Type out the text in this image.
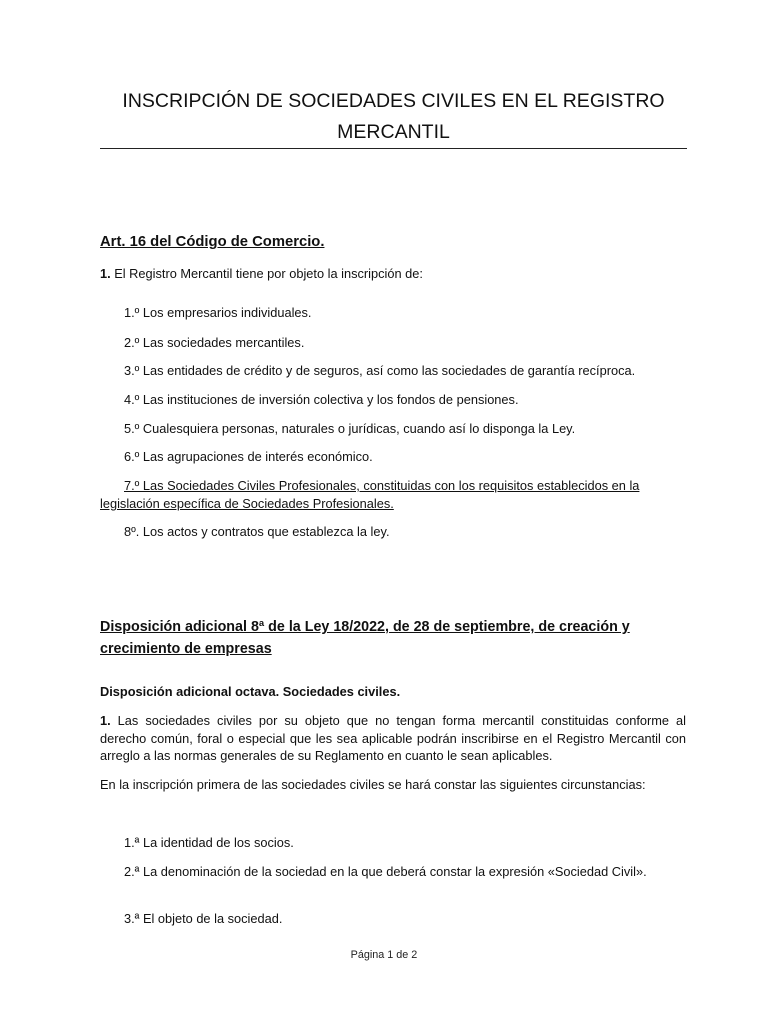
INSCRIPCIÓN DE SOCIEDADES CIVILES EN EL REGISTRO
MERCANTIL
Art. 16 del Código de Comercio.
1. El Registro Mercantil tiene por objeto la inscripción de:
1.º Los empresarios individuales.
2.º Las sociedades mercantiles.
3.º Las entidades de crédito y de seguros, así como las sociedades de garantía recíproca.
4.º Las instituciones de inversión colectiva y los fondos de pensiones.
5.º Cualesquiera personas, naturales o jurídicas, cuando así lo disponga la Ley.
6.º Las agrupaciones de interés económico.
7.º Las Sociedades Civiles Profesionales, constituidas con los requisitos establecidos en la
legislación específica de Sociedades Profesionales.
8º. Los actos y contratos que establezca la ley.
Disposición adicional 8ª de la Ley 18/2022, de 28 de septiembre, de creación y
crecimiento de empresas
Disposición adicional octava. Sociedades civiles.
1. Las sociedades civiles por su objeto que no tengan forma mercantil constituidas conforme al derecho común, foral o especial que les sea aplicable podrán inscribirse en el Registro Mercantil con arreglo a las normas generales de su Reglamento en cuanto le sean aplicables.
En la inscripción primera de las sociedades civiles se hará constar las siguientes circunstancias:
1.ª La identidad de los socios.
2.ª La denominación de la sociedad en la que deberá constar la expresión «Sociedad Civil».
3.ª El objeto de la sociedad.
Página 1 de 2
